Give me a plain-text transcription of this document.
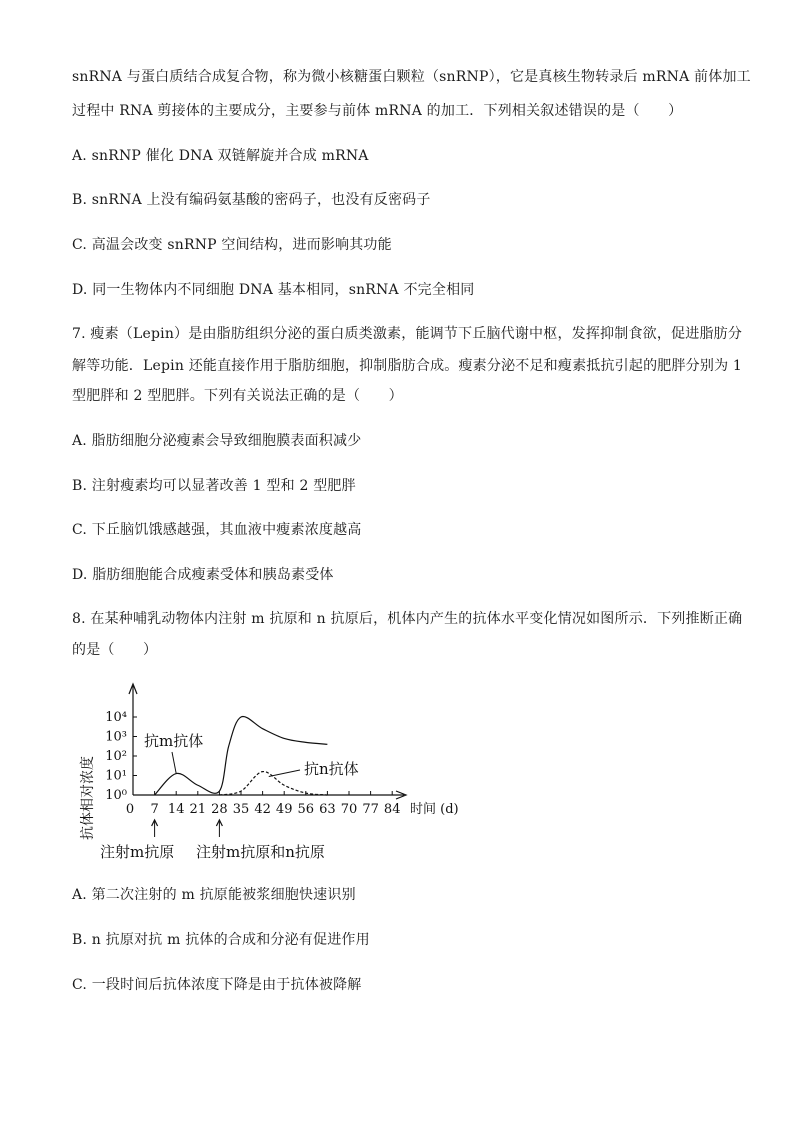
snRNA 与蛋白质结合成复合物，称为微小核糖蛋白颗粒（snRNP），它是真核生物转录后 mRNA 前体加工
过程中 RNA 剪接体的主要成分，主要参与前体 mRNA 的加工．下列相关叙述错误的是（　　）
A. snRNP 催化 DNA 双链解旋并合成 mRNA
B. snRNA 上没有编码氨基酸的密码子，也没有反密码子
C. 高温会改变 snRNP 空间结构，进而影响其功能
D. 同一生物体内不同细胞 DNA 基本相同，snRNA 不完全相同
7. 瘦素（Lepin）是由脂肪组织分泌的蛋白质类激素，能调节下丘脑代谢中枢，发挥抑制食欲，促进脂肪分
解等功能．Lepin 还能直接作用于脂肪细胞，抑制脂肪合成。瘦素分泌不足和瘦素抵抗引起的肥胖分别为 1
型肥胖和 2 型肥胖。下列有关说法正确的是（　　）
A. 脂肪细胞分泌瘦素会导致细胞膜表面积减少
B. 注射瘦素均可以显著改善 1 型和 2 型肥胖
C. 下丘脑饥饿感越强，其血液中瘦素浓度越高
D. 脂肪细胞能合成瘦素受体和胰岛素受体
8. 在某种哺乳动物体内注射 m 抗原和 n 抗原后，机体内产生的抗体水平变化情况如图所示．下列推断正确
的是（　　）
抗体相对浓度 10⁰
10¹
10²
10³
10⁴
0 7 14 21 28 35 42 49 56 63 70 77 84 时间 (d)
抗m抗体
抗n抗体
注射m抗原 注射m抗原和n抗原
A. 第二次注射的 m 抗原能被浆细胞快速识别
B. n 抗原对抗 m 抗体的合成和分泌有促进作用
C. 一段时间后抗体浓度下降是由于抗体被降解
